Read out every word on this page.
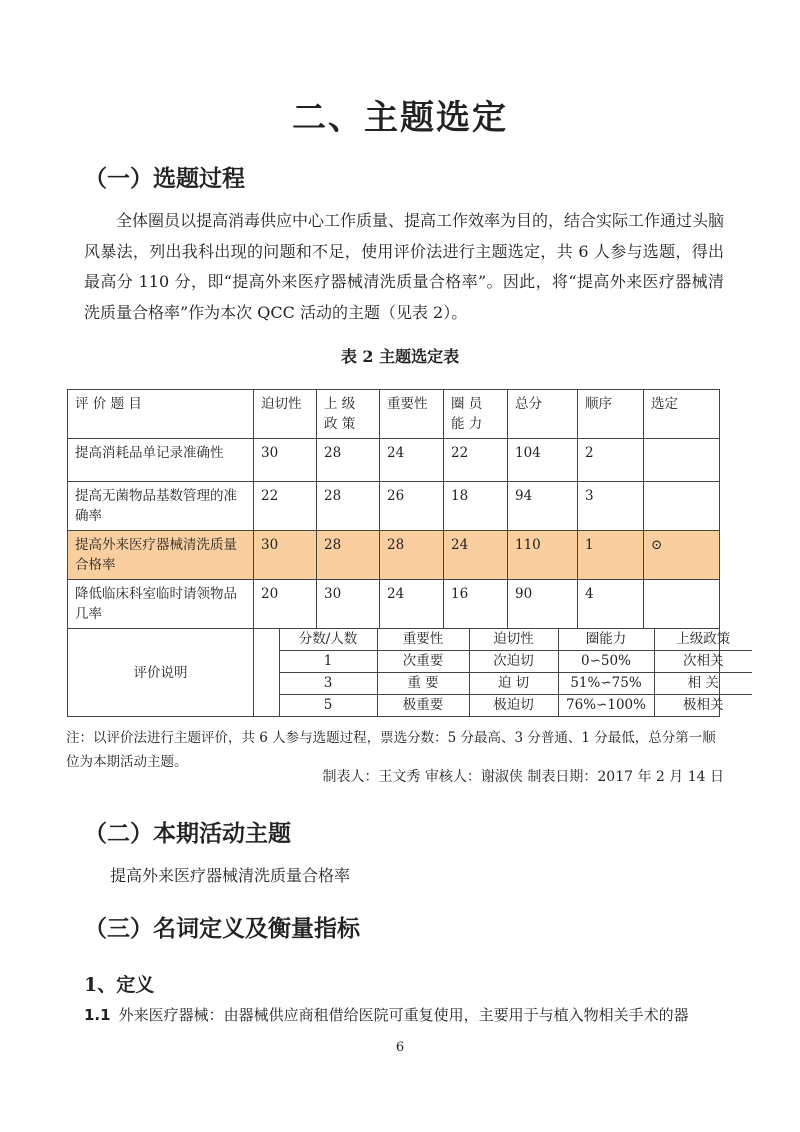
二、主题选定
（一）选题过程
全体圈员以提高消毒供应中心工作质量、提高工作效率为目的，结合实际工作通过头脑风暴法，列出我科出现的问题和不足，使用评价法进行主题选定，共 6 人参与选题，得出最高分 110 分，即“提高外来医疗器械清洗质量合格率”。因此，将“提高外来医疗器械清洗质量合格率”作为本次 QCC 活动的主题（见表 2）。
表 2 主题选定表
评 价 题 目	迫切性	上 级 政 策	重要性	圈 员 能 力	总分	顺序	选定
提高消耗品单记录准确性	30	28	24	22	104	2	
提高无菌物品基数管理的准确率	22	28	26	18	94	3	
提高外来医疗器械清洗质量合格率	30	28	28	24	110	1	⊙
降低临床科室临时请领物品几率	20	30	24	16	90	4	
评价说明	
	分数/人数	重要性	迫切性	圈能力	上级政策
	1	次重要	次迫切	0∽50%	次相关
	3	重 要	迫 切	51%∽75%	相 关
	5	极重要	极迫切	76%∽100%	极相关
注：以评价法进行主题评价，共 6 人参与选题过程，票选分数：5 分最高、3 分普通、1 分最低，总分第一顺位为本期活动主题。
制表人：王文秀 审核人：谢淑侠 制表日期：2017 年 2 月 14 日
（二）本期活动主题
提高外来医疗器械清洗质量合格率
（三）名词定义及衡量指标
1、定义
1.1 外来医疗器械：由器械供应商租借给医院可重复使用，主要用于与植入物相关手术的器
6
